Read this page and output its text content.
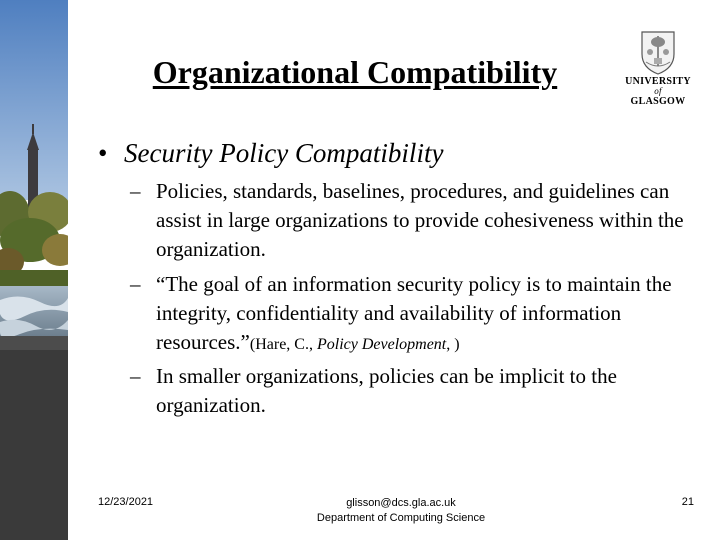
Organizational Compatibility	UNIVERSITY
of
GLASGOW
• Security Policy Compatibility
– Policies, standards, baselines, procedures, and guidelines can assist in large organizations to provide cohesiveness within the organization.
– “The goal of an information security policy is to maintain the integrity, confidentiality and availability of information resources.”(Hare, C., Policy Development, )
– In smaller organizations, policies can be implicit to the organization.
12/23/2021	glisson@dcs.gla.ac.uk
Department of Computing Science
21
